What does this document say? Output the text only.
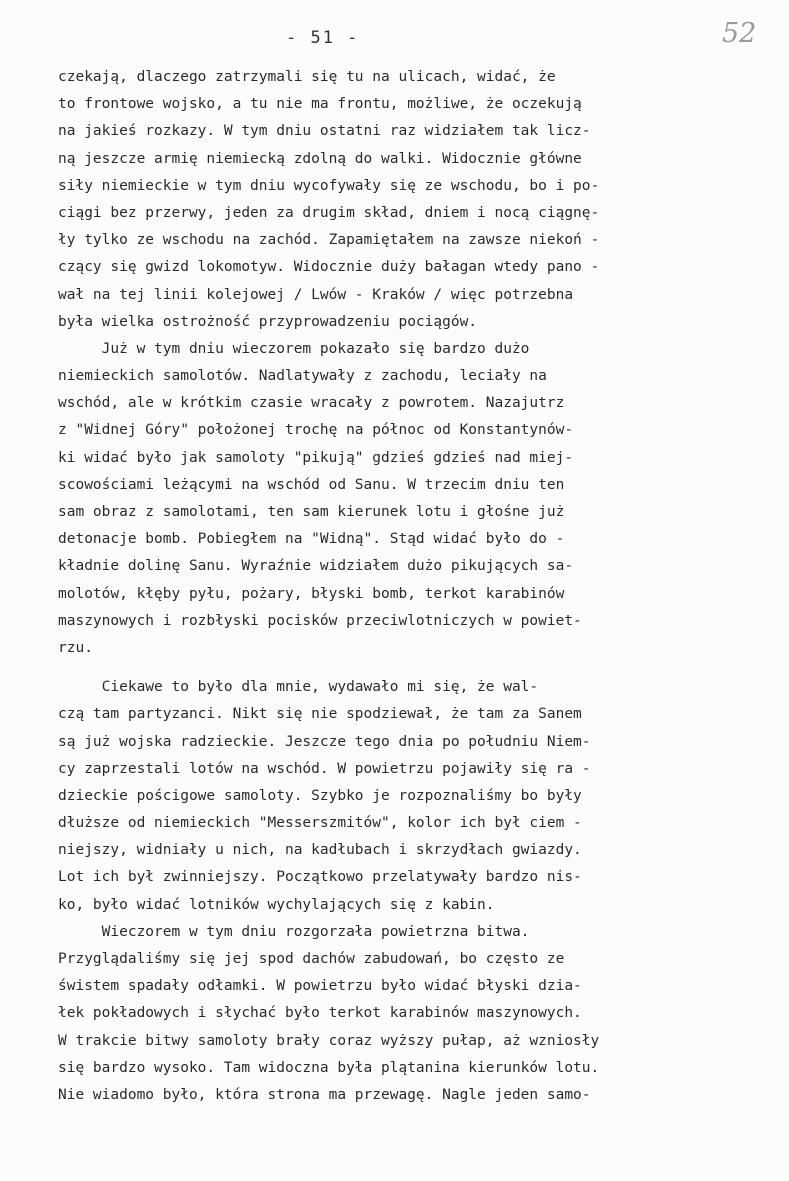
- 51 -	52
czekają, dlaczego zatrzymali się tu na ulicach, widać, że
to frontowe wojsko, a tu nie ma frontu, możliwe, że oczekują
na jakieś rozkazy. W tym dniu ostatni raz widziałem tak licz-
ną jeszcze armię niemiecką zdolną do walki. Widocznie główne
siły niemieckie w tym dniu wycofywały się ze wschodu, bo i po-
ciągi bez przerwy, jeden za drugim skład, dniem i nocą ciągnę-
ły tylko ze wschodu na zachód. Zapamiętałem na zawsze niekoń -
czący się gwizd lokomotyw. Widocznie duży bałagan wtedy pano -
wał na tej linii kolejowej / Lwów - Kraków / więc potrzebna
była wielka ostrożność przyprowadzeniu pociągów.
Już w tym dniu wieczorem pokazało się bardzo dużo
niemieckich samolotów. Nadlatywały z zachodu, leciały na
wschód, ale w krótkim czasie wracały z powrotem. Nazajutrz
z "Widnej Góry" położonej trochę na północ od Konstantynów-
ki widać było jak samoloty "pikują" gdzieś gdzieś nad miej-
scowościami leżącymi na wschód od Sanu. W trzecim dniu ten
sam obraz z samolotami, ten sam kierunek lotu i głośne już
detonacje bomb. Pobiegłem na "Widną". Stąd widać było do -
kładnie dolinę Sanu. Wyraźnie widziałem dużo pikujących sa-
molotów, kłęby pyłu, pożary, błyski bomb, terkot karabinów
maszynowych i rozbłyski pocisków przeciwlotniczych w powiet-
rzu.
Ciekawe to było dla mnie, wydawało mi się, że wal-
czą tam partyzanci. Nikt się nie spodziewał, że tam za Sanem
są już wojska radzieckie. Jeszcze tego dnia po południu Niem-
cy zaprzestali lotów na wschód. W powietrzu pojawiły się ra -
dzieckie pościgowe samoloty. Szybko je rozpoznaliśmy bo były
dłuższe od niemieckich "Messerszmitów", kolor ich był ciem -
niejszy, widniały u nich, na kadłubach i skrzydłach gwiazdy.
Lot ich był zwinniejszy. Początkowo przelatywały bardzo nis-
ko, było widać lotników wychylających się z kabin.
Wieczorem w tym dniu rozgorzała powietrzna bitwa.
Przyglądaliśmy się jej spod dachów zabudowań, bo często ze
świstem spadały odłamki. W powietrzu było widać błyski dzia-
łek pokładowych i słychać było terkot karabinów maszynowych.
W trakcie bitwy samoloty brały coraz wyższy pułap, aż wzniosły
się bardzo wysoko. Tam widoczna była plątanina kierunków lotu.
Nie wiadomo było, która strona ma przewagę. Nagle jeden samo-
